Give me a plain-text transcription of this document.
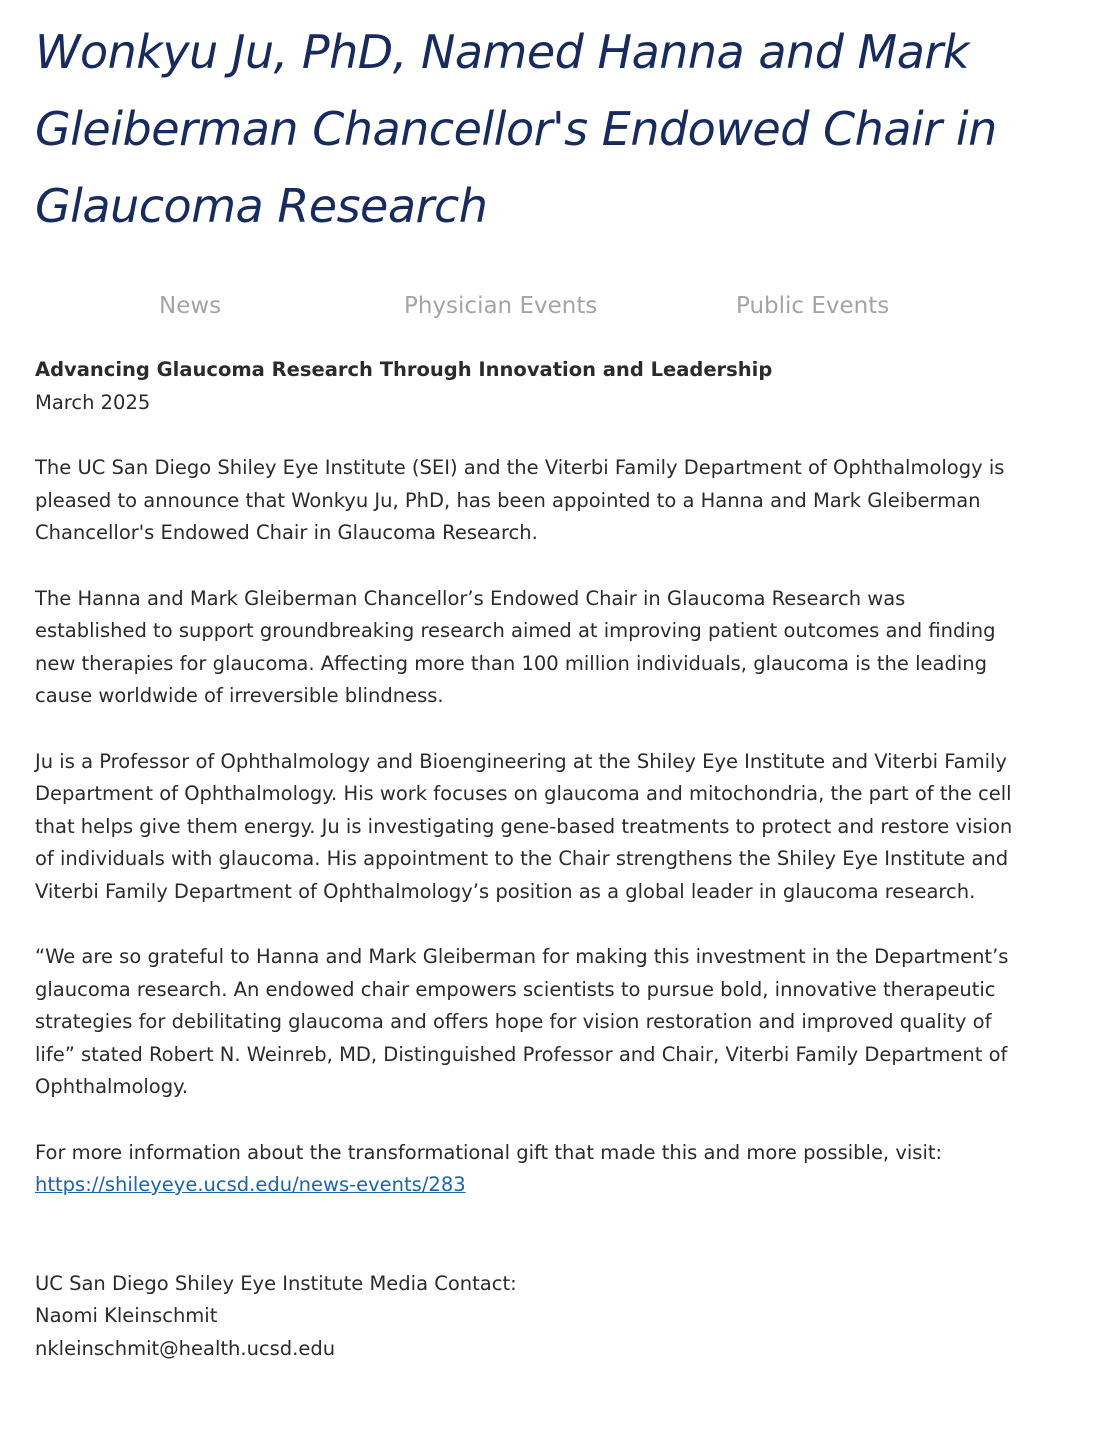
Wonkyu Ju, PhD, Named Hanna and Mark Gleiberman Chancellor's Endowed Chair in Glaucoma Research
News	Physician Events	Public Events

Advancing Glaucoma Research Through Innovation and Leadership

March 2025

The UC San Diego Shiley Eye Institute (SEI) and the Viterbi Family Department of Ophthalmology is pleased to announce that Wonkyu Ju, PhD, has been appointed to a Hanna and Mark Gleiberman Chancellor's Endowed Chair in Glaucoma Research.

The Hanna and Mark Gleiberman Chancellor’s Endowed Chair in Glaucoma Research was established to support groundbreaking research aimed at improving patient outcomes and finding new therapies for glaucoma. Affecting more than 100 million individuals, glaucoma is the leading cause worldwide of irreversible blindness.

Ju is a Professor of Ophthalmology and Bioengineering at the Shiley Eye Institute and Viterbi Family Department of Ophthalmology. His work focuses on glaucoma and mitochondria, the part of the cell that helps give them energy. Ju is investigating gene-based treatments to protect and restore vision of individuals with glaucoma. His appointment to the Chair strengthens the Shiley Eye Institute and Viterbi Family Department of Ophthalmology’s position as a global leader in glaucoma research.

“We are so grateful to Hanna and Mark Gleiberman for making this investment in the Department’s glaucoma research. An endowed chair empowers scientists to pursue bold, innovative therapeutic strategies for debilitating glaucoma and offers hope for vision restoration and improved quality of life” stated Robert N. Weinreb, MD, Distinguished Professor and Chair, Viterbi Family Department of Ophthalmology.

For more information about the transformational gift that made this and more possible, visit: https://shileyeye.ucsd.edu/news-events/283

UC San Diego Shiley Eye Institute Media Contact:
Naomi Kleinschmit
nkleinschmit@health.ucsd.edu
